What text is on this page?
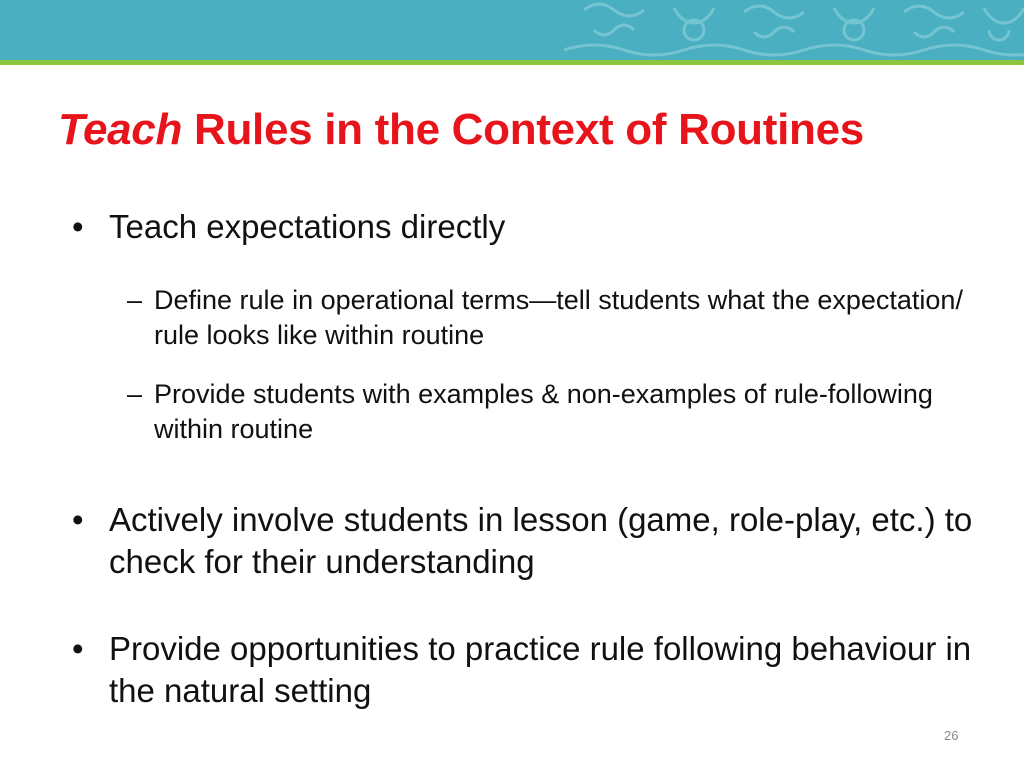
Teach Rules in the Context of Routines
• Teach expectations directly
– Define rule in operational terms—tell students what the expectation/ rule looks like within routine
– Provide students with examples & non-examples of rule-following within routine
• Actively involve students in lesson (game, role-play, etc.) to check for their understanding
• Provide opportunities to practice rule following behaviour in the natural setting
26
